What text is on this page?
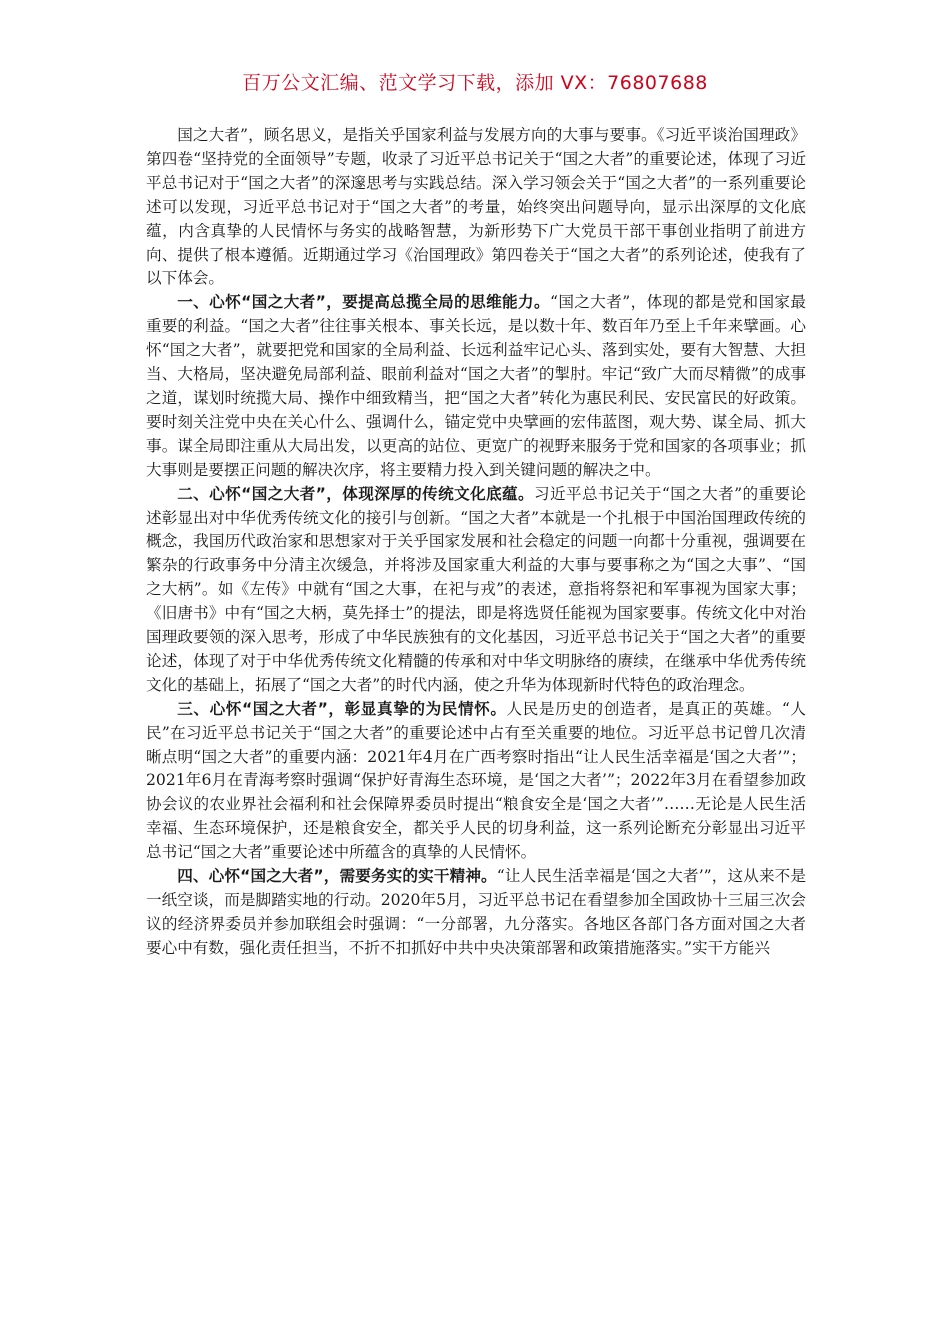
百万公文汇编、范文学习下载，添加 VX：76807688

国之大者”，顾名思义，是指关乎国家利益与发展方向的大事与要事。《习近平谈治国理政》第四卷“坚持党的全面领导”专题，收录了习近平总书记关于“国之大者”的重要论述，体现了习近平总书记对于“国之大者”的深邃思考与实践总结。深入学习领会关于“国之大者”的一系列重要论述可以发现，习近平总书记对于“国之大者”的考量，始终突出问题导向，显示出深厚的文化底蕴，内含真挚的人民情怀与务实的战略智慧，为新形势下广大党员干部干事创业指明了前进方向、提供了根本遵循。近期通过学习《治国理政》第四卷关于“国之大者”的系列论述，使我有了以下体会。

一、心怀“国之大者”，要提高总揽全局的思维能力。“国之大者”，体现的都是党和国家最重要的利益。“国之大者”往往事关根本、事关长远，是以数十年、数百年乃至上千年来擘画。心怀“国之大者”，就要把党和国家的全局利益、长远利益牢记心头、落到实处，要有大智慧、大担当、大格局，坚决避免局部利益、眼前利益对“国之大者”的掣肘。牢记“致广大而尽精微”的成事之道，谋划时统揽大局、操作中细致精当，把“国之大者”转化为惠民利民、安民富民的好政策。要时刻关注党中央在关心什么、强调什么，锚定党中央擘画的宏伟蓝图，观大势、谋全局、抓大事。谋全局即注重从大局出发，以更高的站位、更宽广的视野来服务于党和国家的各项事业；抓大事则是要摆正问题的解决次序，将主要精力投入到关键问题的解决之中。

二、心怀“国之大者”，体现深厚的传统文化底蕴。习近平总书记关于“国之大者”的重要论述彰显出对中华优秀传统文化的接引与创新。“国之大者”本就是一个扎根于中国治国理政传统的概念，我国历代政治家和思想家对于关乎国家发展和社会稳定的问题一向都十分重视，强调要在繁杂的行政事务中分清主次缓急，并将涉及国家重大利益的大事与要事称之为“国之大事”、“国之大柄”。如《左传》中就有“国之大事，在祀与戎”的表述，意指将祭祀和军事视为国家大事；《旧唐书》中有“国之大柄，莫先择士”的提法，即是将选贤任能视为国家要事。传统文化中对治国理政要领的深入思考，形成了中华民族独有的文化基因，习近平总书记关于“国之大者”的重要论述，体现了对于中华优秀传统文化精髓的传承和对中华文明脉络的赓续，在继承中华优秀传统文化的基础上，拓展了“国之大者”的时代内涵，使之升华为体现新时代特色的政治理念。

三、心怀“国之大者”，彰显真挚的为民情怀。人民是历史的创造者，是真正的英雄。“人民”在习近平总书记关于“国之大者”的重要论述中占有至关重要的地位。习近平总书记曾几次清晰点明“国之大者”的重要内涵：2021年4月在广西考察时指出“让人民生活幸福是‘国之大者’”；2021年6月在青海考察时强调“保护好青海生态环境，是‘国之大者’”；2022年3月在看望参加政协会议的农业界社会福利和社会保障界委员时提出“粮食安全是‘国之大者’”……无论是人民生活幸福、生态环境保护，还是粮食安全，都关乎人民的切身利益，这一系列论断充分彰显出习近平总书记“国之大者”重要论述中所蕴含的真挚的人民情怀。

四、心怀“国之大者”，需要务实的实干精神。“让人民生活幸福是‘国之大者’”，这从来不是一纸空谈，而是脚踏实地的行动。2020年5月，习近平总书记在看望参加全国政协十三届三次会议的经济界委员并参加联组会时强调：“一分部署，九分落实。各地区各部门各方面对国之大者要心中有数，强化责任担当，不折不扣抓好中共中央决策部署和政策措施落实。”实干方能兴
